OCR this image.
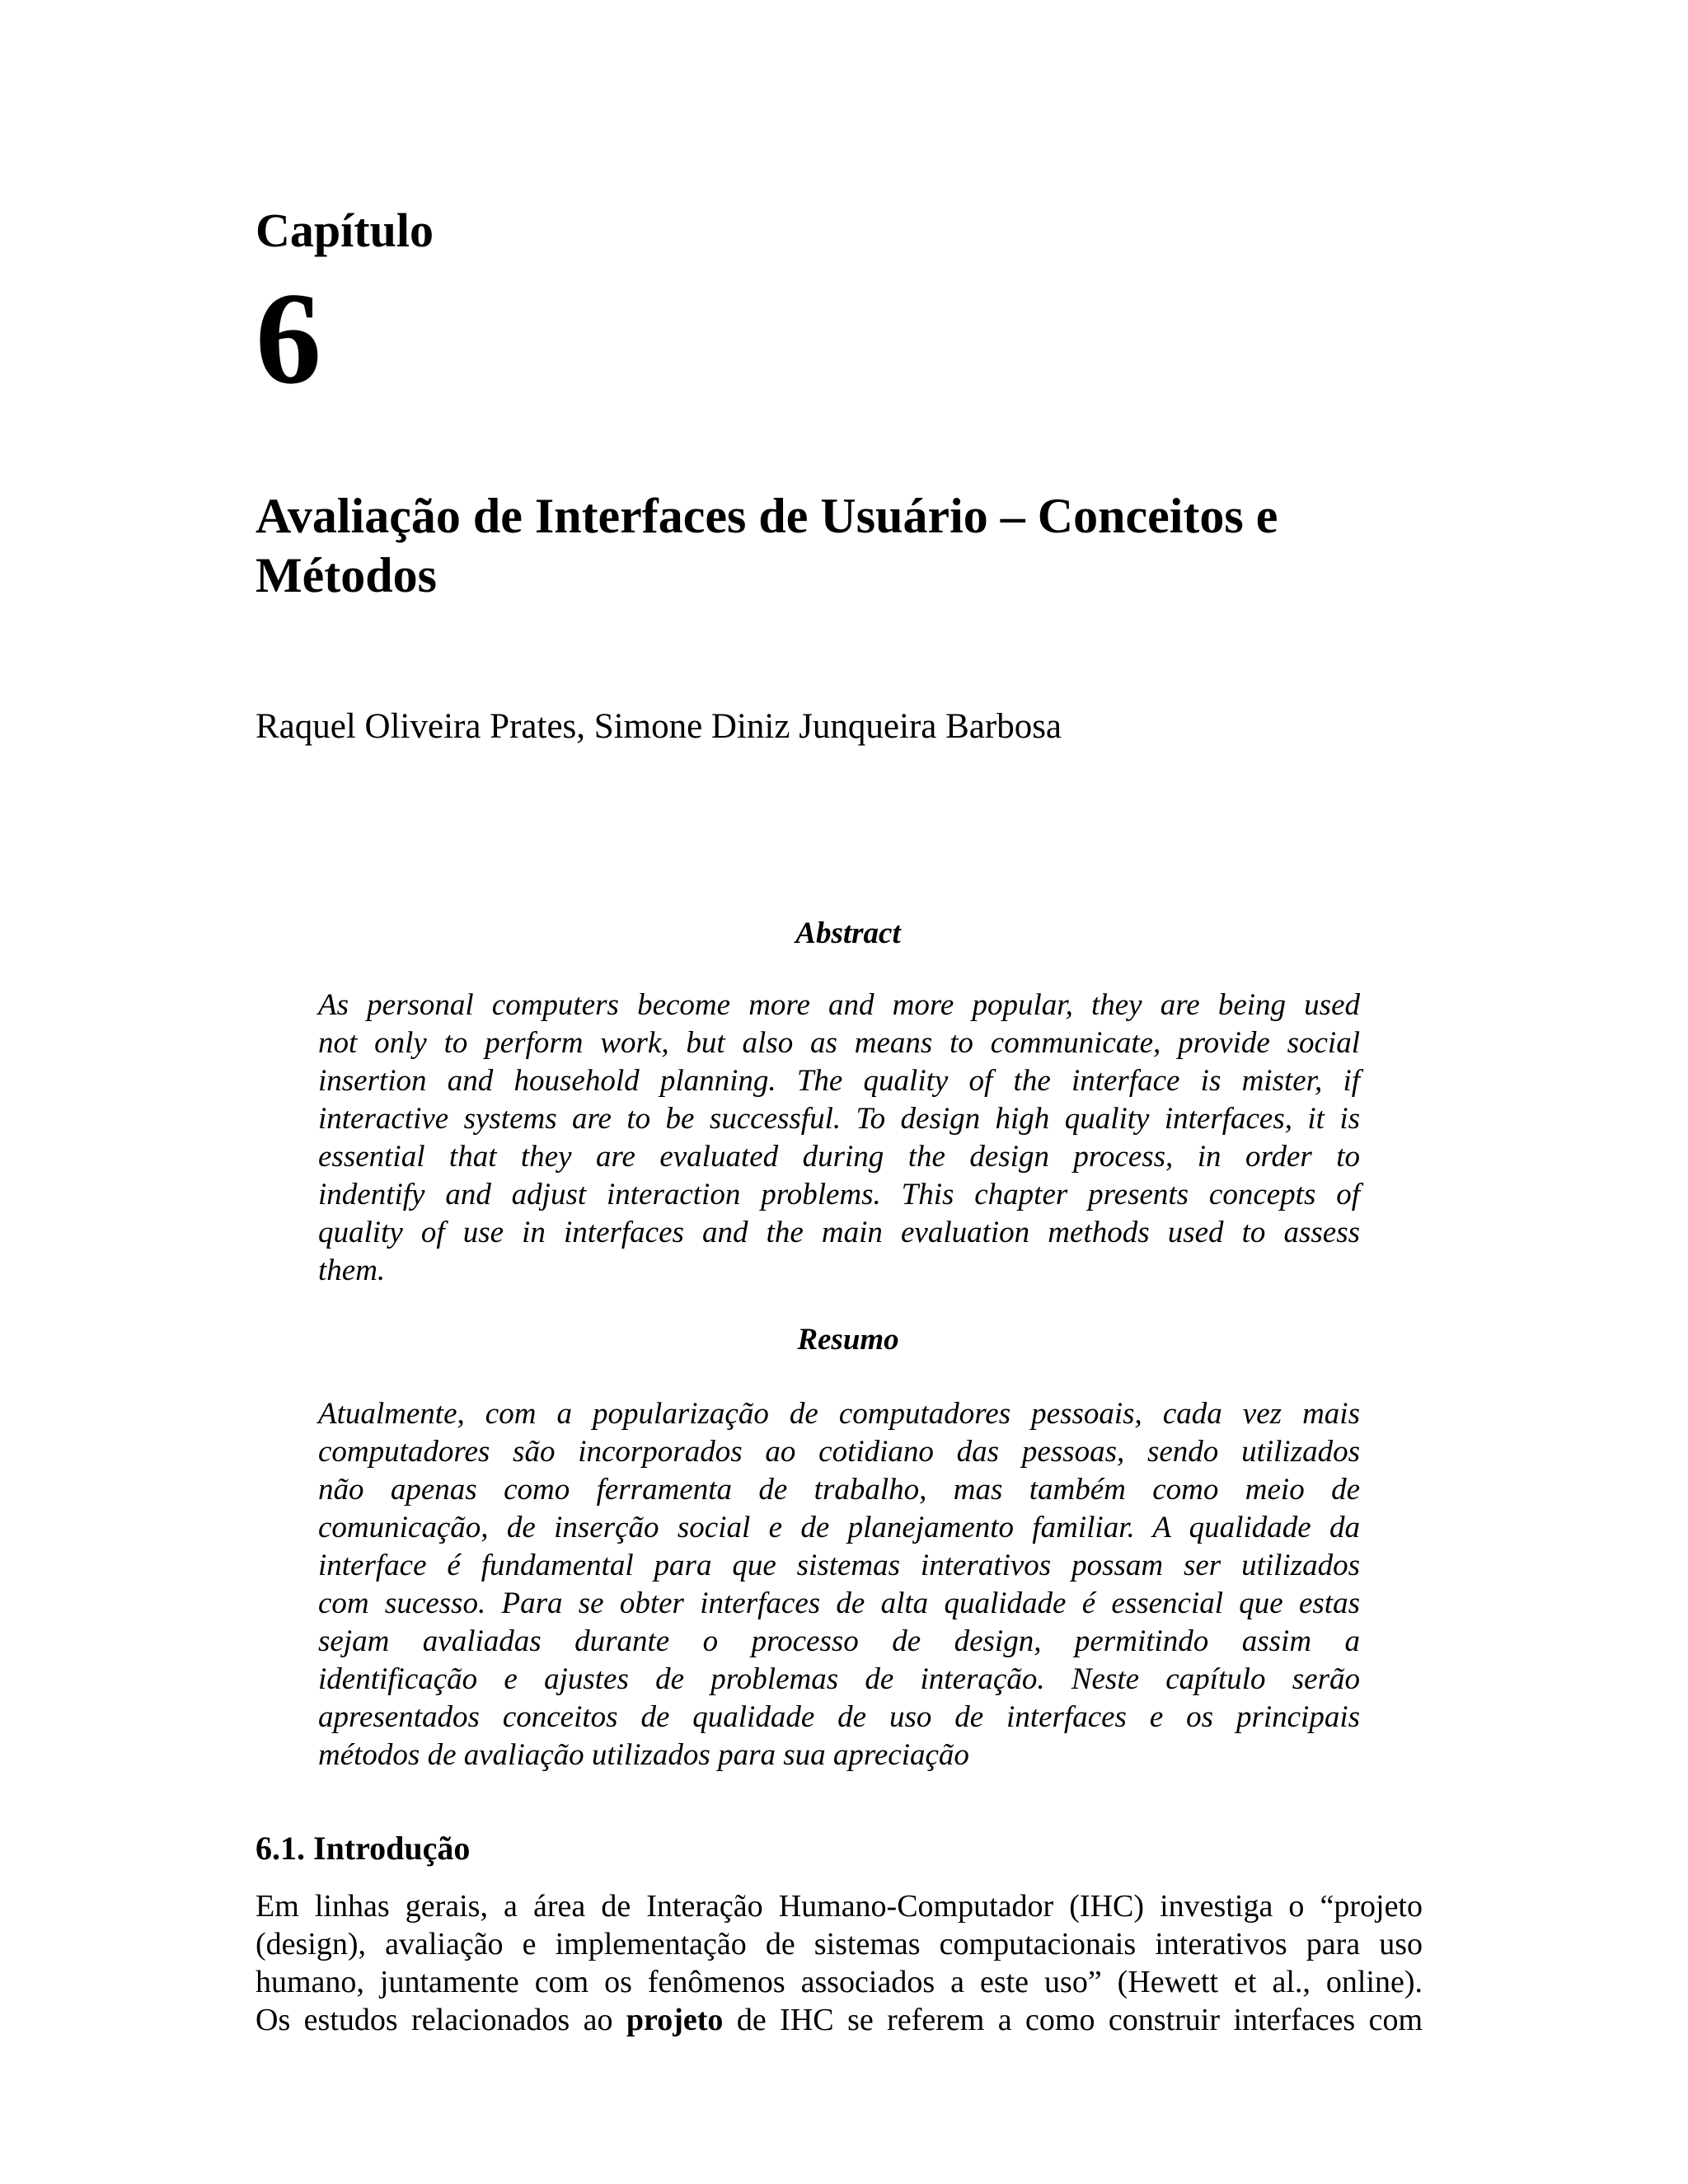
Capítulo
6
Avaliação de Interfaces de Usuário – Conceitos e
Métodos
Raquel Oliveira Prates, Simone Diniz Junqueira Barbosa
Abstract
As personal computers become more and more popular, they are being used
not only to perform work, but also as means to communicate, provide social
insertion and household planning. The quality of the interface is mister, if
interactive systems are to be successful. To design high quality interfaces, it is
essential that they are evaluated during the design process, in order to
indentify and adjust interaction problems. This chapter presents concepts of
quality of use in interfaces and the main evaluation methods used to assess
them.
Resumo
Atualmente, com a popularização de computadores pessoais, cada vez mais
computadores são incorporados ao cotidiano das pessoas, sendo utilizados
não apenas como ferramenta de trabalho, mas também como meio de
comunicação, de inserção social e de planejamento familiar. A qualidade da
interface é fundamental para que sistemas interativos possam ser utilizados
com sucesso. Para se obter interfaces de alta qualidade é essencial que estas
sejam avaliadas durante o processo de design, permitindo assim a
identificação e ajustes de problemas de interação. Neste capítulo serão
apresentados conceitos de qualidade de uso de interfaces e os principais
métodos de avaliação utilizados para sua apreciação
6.1. Introdução
Em linhas gerais, a área de Interação Humano-Computador (IHC) investiga o “projeto
(design), avaliação e implementação de sistemas computacionais interativos para uso
humano, juntamente com os fenômenos associados a este uso” (Hewett et al., online).
Os estudos relacionados ao projeto de IHC se referem a como construir interfaces com
